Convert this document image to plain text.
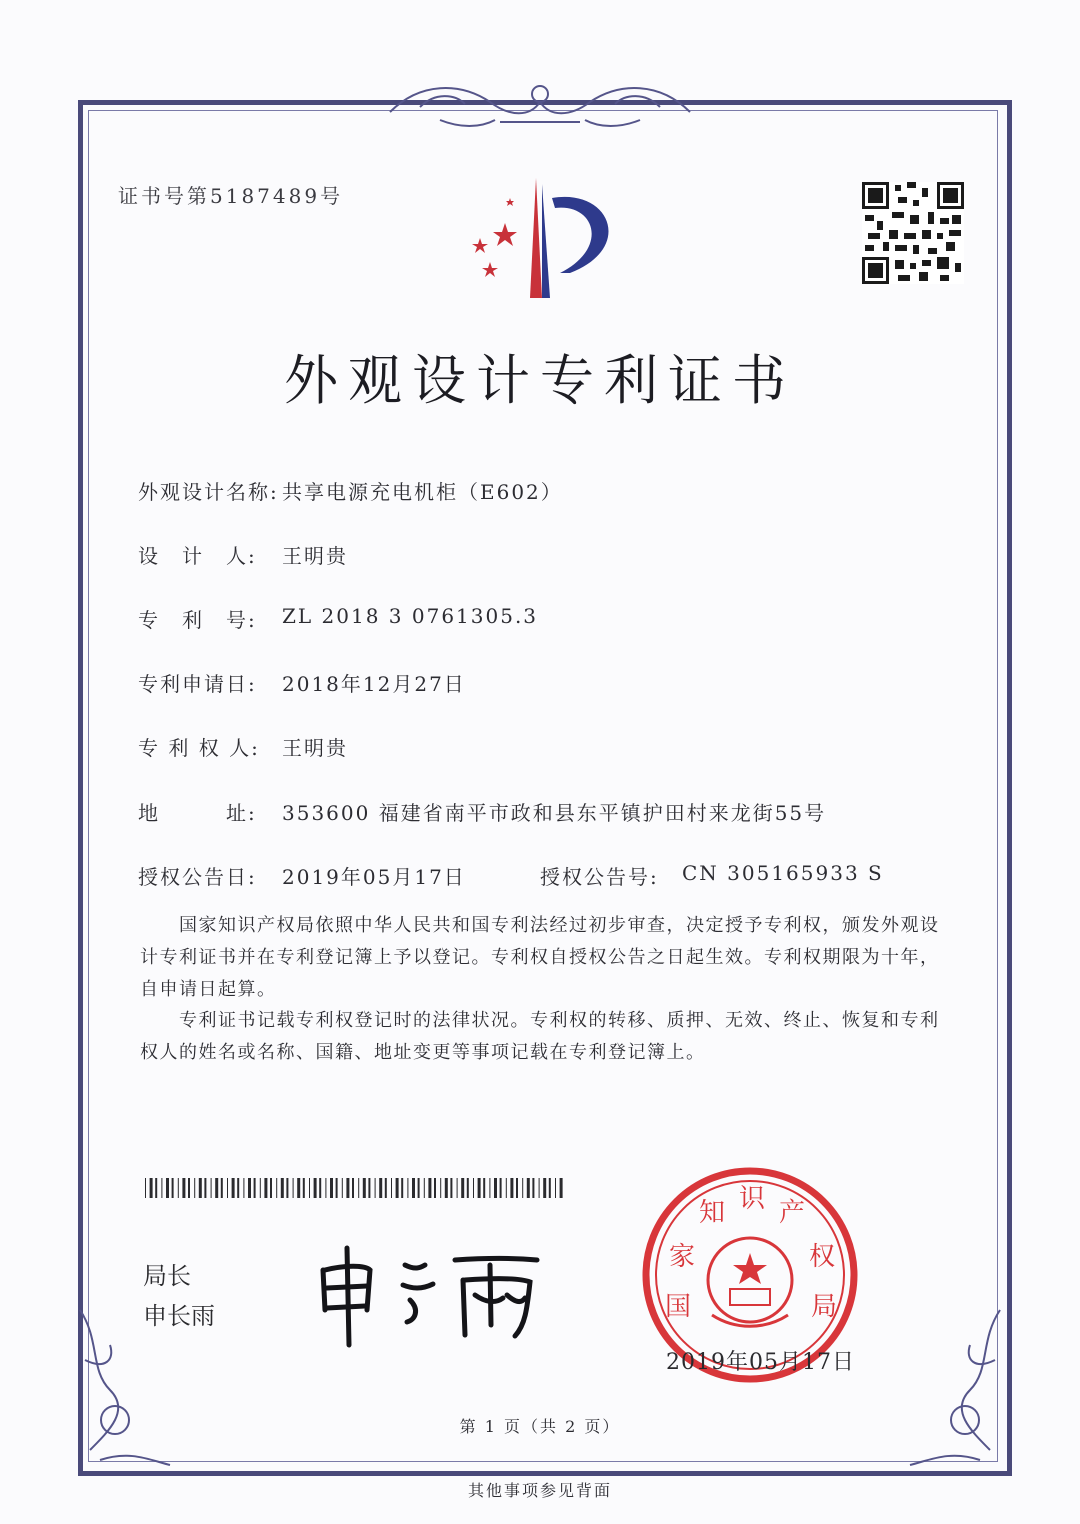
证书号第5187489号
外观设计专利证书
外观设计名称: 共享电源充电机柜（E602）
设　计　人: 王明贵
专　利　号: ZL 2018 3 0761305.3
专利申请日: 2018年12月27日
专 利 权 人: 王明贵
地　　　址: 353600 福建省南平市政和县东平镇护田村来龙街55号
授权公告日: 2019年05月17日	授权公告号: CN 305165933 S
　　国家知识产权局依照中华人民共和国专利法经过初步审查，决定授予专利权，颁发外观设计专利证书并在专利登记簿上予以登记。专利权自授权公告之日起生效。专利权期限为十年，自申请日起算。
　　专利证书记载专利权登记时的法律状况。专利权的转移、质押、无效、终止、恢复和专利权人的姓名或名称、国籍、地址变更等事项记载在专利登记簿上。
局长
申长雨	国
家
知 识 产
权
局
2019年05月17日
第 1 页（共 2 页）
其他事项参见背面
